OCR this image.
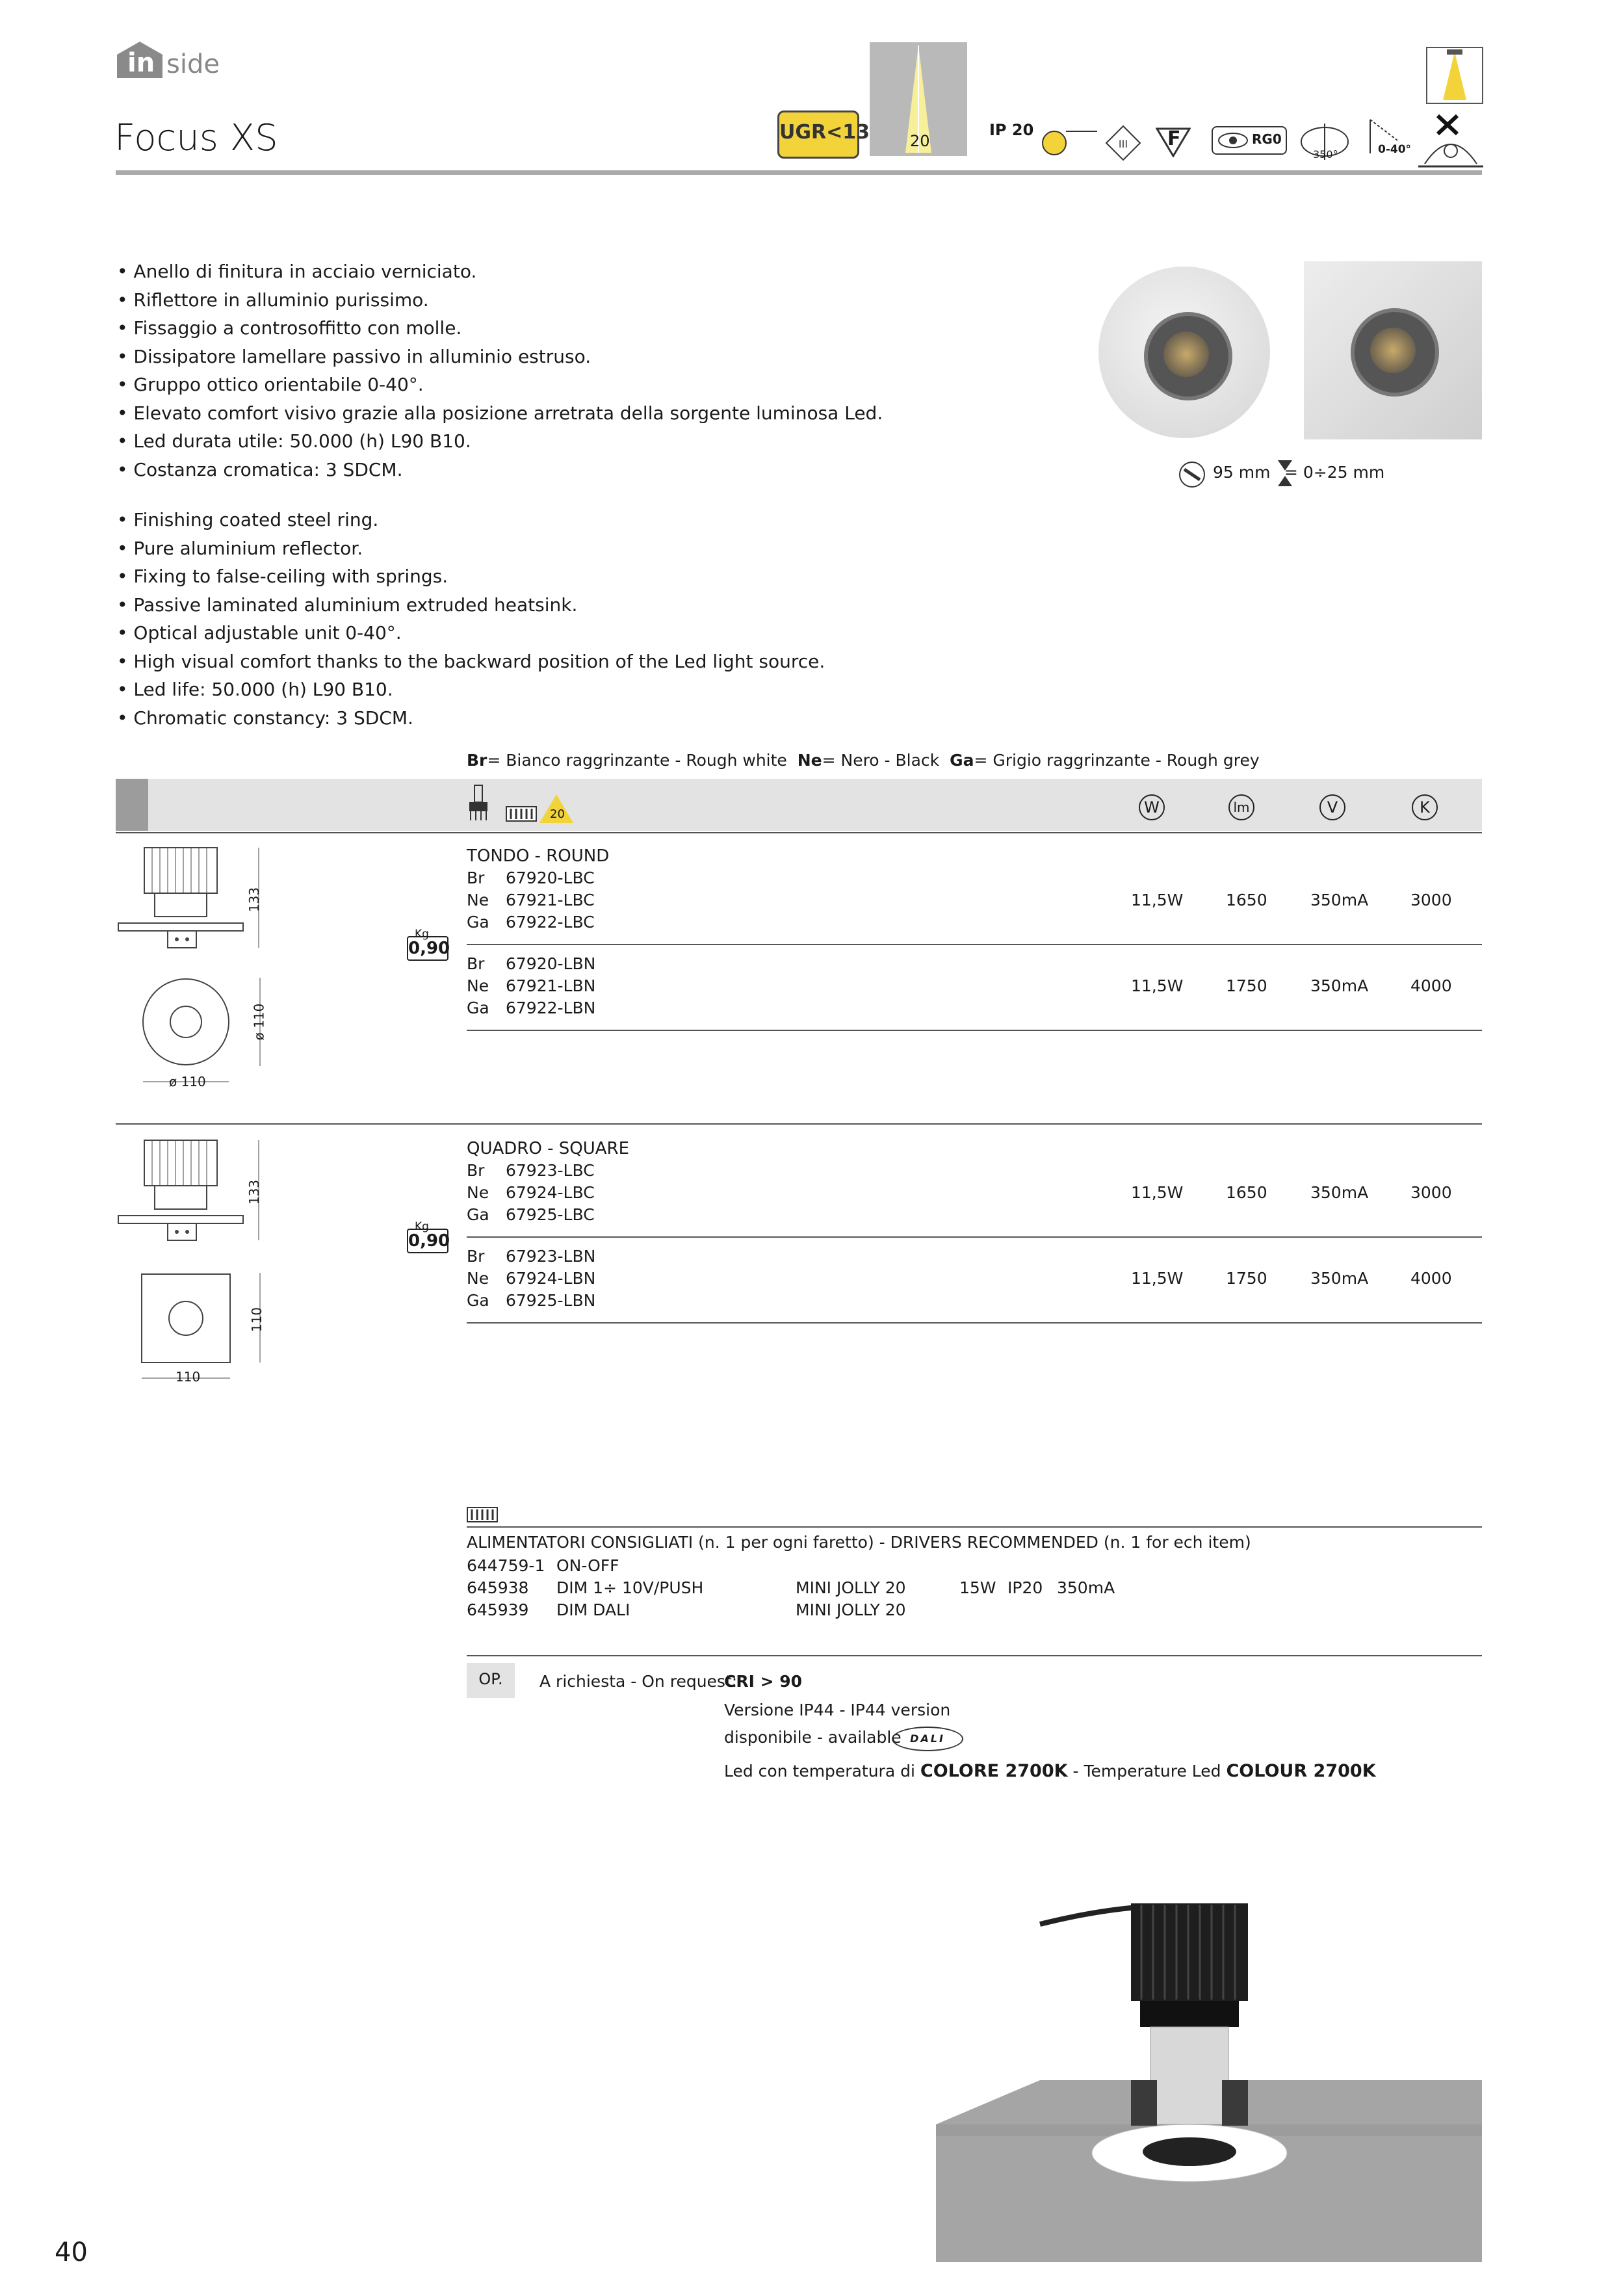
in side
Focus XS	UGR<13	20
IP 20
III F	RG0
350°	0-40°
• Anello di finitura in acciaio verniciato.
• Riflettore in alluminio purissimo.
• Fissaggio a controsoffitto con molle.
• Dissipatore lamellare passivo in alluminio estruso.
• Gruppo ottico orientabile 0-40°.
• Elevato comfort visivo grazie alla posizione arretrata della sorgente luminosa Led.
• Led durata utile: 50.000 (h) L90 B10.
• Costanza cromatica: 3 SDCM.
• Finishing coated steel ring.
• Pure aluminium reflector.
• Fixing to false-ceiling with springs.
• Passive laminated aluminium extruded heatsink.
• Optical adjustable unit 0-40°.
• High visual comfort thanks to the backward position of the Led light source.
• Led life: 50.000 (h) L90 B10.
• Chromatic constancy: 3 SDCM.
95 mm = 0÷25 mm
Br= Bianco raggrinzante - Rough white Ne= Nero - Black Ga= Grigio raggrinzante - Rough grey
20	W	lm	V	K
133
ø 110
ø 110
Kg
0,90
TONDO - ROUND
Br 67920-LBC
Ne 67921-LBC
Ga 67922-LBC
11,5W	1650	350mA	3000
Br 67920-LBN
Ne 67921-LBN
Ga 67922-LBN
11,5W	1750	350mA	4000
133
110
110
Kg
0,90
QUADRO - SQUARE
Br 67923-LBC
Ne 67924-LBC
Ga 67925-LBC
11,5W	1650	350mA	3000
Br 67923-LBN
Ne 67924-LBN
Ga 67925-LBN
11,5W	1750	350mA	4000
ALIMENTATORI CONSIGLIATI (n. 1 per ogni faretto) - DRIVERS RECOMMENDED (n. 1 for ech item)
644759-1 ON-OFF
645938 DIM 1÷ 10V/PUSH	MINI JOLLY 20	15W IP20 350mA
645939 DIM DALI	MINI JOLLY 20
OP.	A richiesta - On request:
CRI > 90
Versione IP44 - IP44 version
disponibile - available DALI
Led con temperatura di COLORE 2700K - Temperature Led COLOUR 2700K
40
